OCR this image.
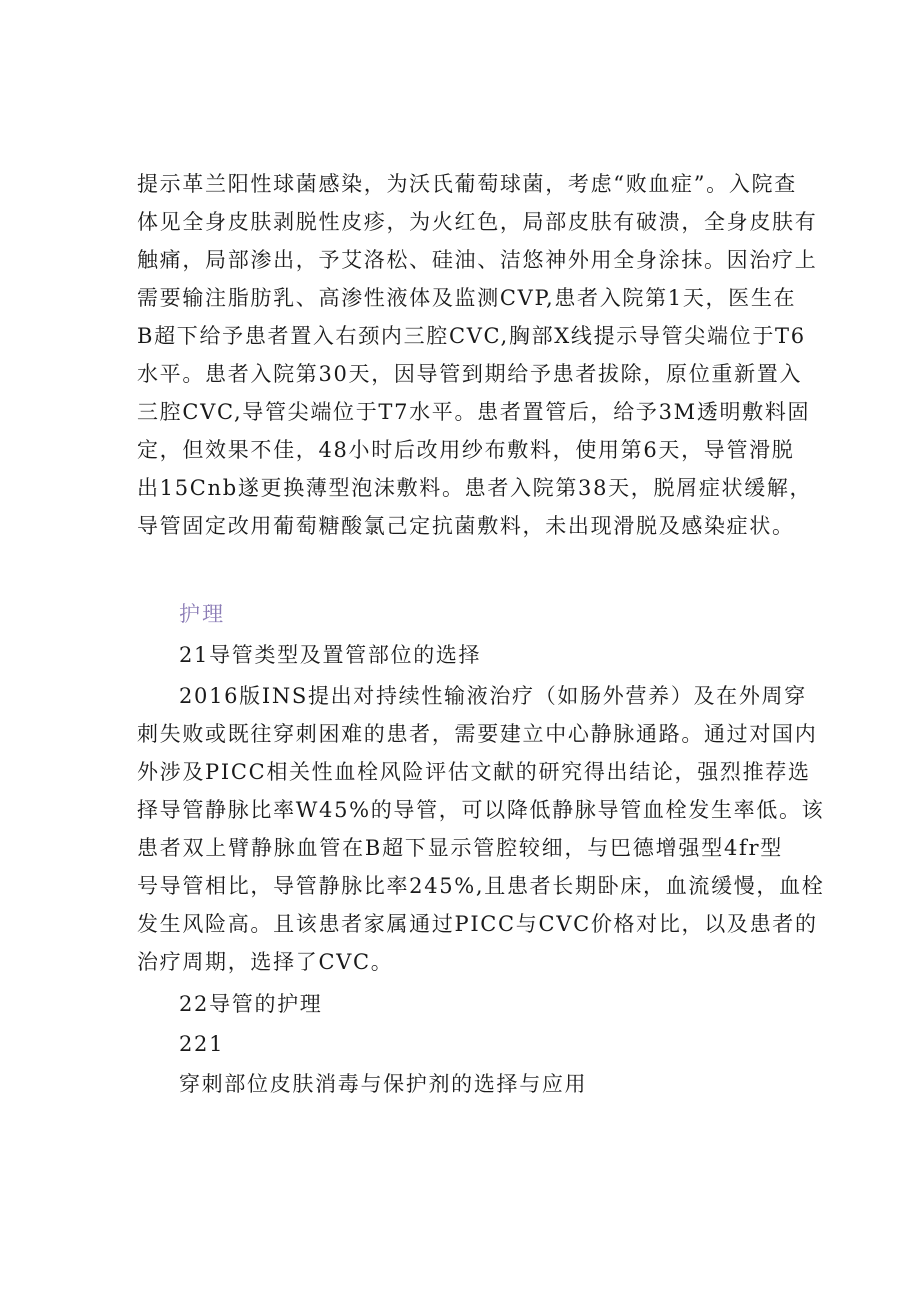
提示革兰阳性球菌感染，为沃氏葡萄球菌，考虑“败血症”。入院查
体见全身皮肤剥脱性皮疹，为火红色，局部皮肤有破溃，全身皮肤有
触痛，局部渗出，予艾洛松、硅油、洁悠神外用全身涂抹。因治疗上
需要输注脂肪乳、高渗性液体及监测CVP,患者入院第1天，医生在
B超下给予患者置入右颈内三腔CVC,胸部X线提示导管尖端位于T6
水平。患者入院第30天，因导管到期给予患者拔除，原位重新置入
三腔CVC,导管尖端位于T7水平。患者置管后，给予3M透明敷料固
定，但效果不佳，48小时后改用纱布敷料，使用第6天，导管滑脱
出15Cnb遂更换薄型泡沫敷料。患者入院第38天，脱屑症状缓解，
导管固定改用葡萄糖酸氯己定抗菌敷料，未出现滑脱及感染症状。
护理
21导管类型及置管部位的选择
2016版INS提出对持续性输液治疗（如肠外营养）及在外周穿
刺失败或既往穿刺困难的患者，需要建立中心静脉通路。通过对国内
外涉及PICC相关性血栓风险评估文献的研究得出结论，强烈推荐选
择导管静脉比率W45%的导管，可以降低静脉导管血栓发生率低。该
患者双上臂静脉血管在B超下显示管腔较细，与巴德增强型4fr型
号导管相比，导管静脉比率245%,且患者长期卧床，血流缓慢，血栓
发生风险高。且该患者家属通过PICC与CVC价格对比，以及患者的
治疗周期，选择了CVC。
22导管的护理
221
穿刺部位皮肤消毒与保护剂的选择与应用
